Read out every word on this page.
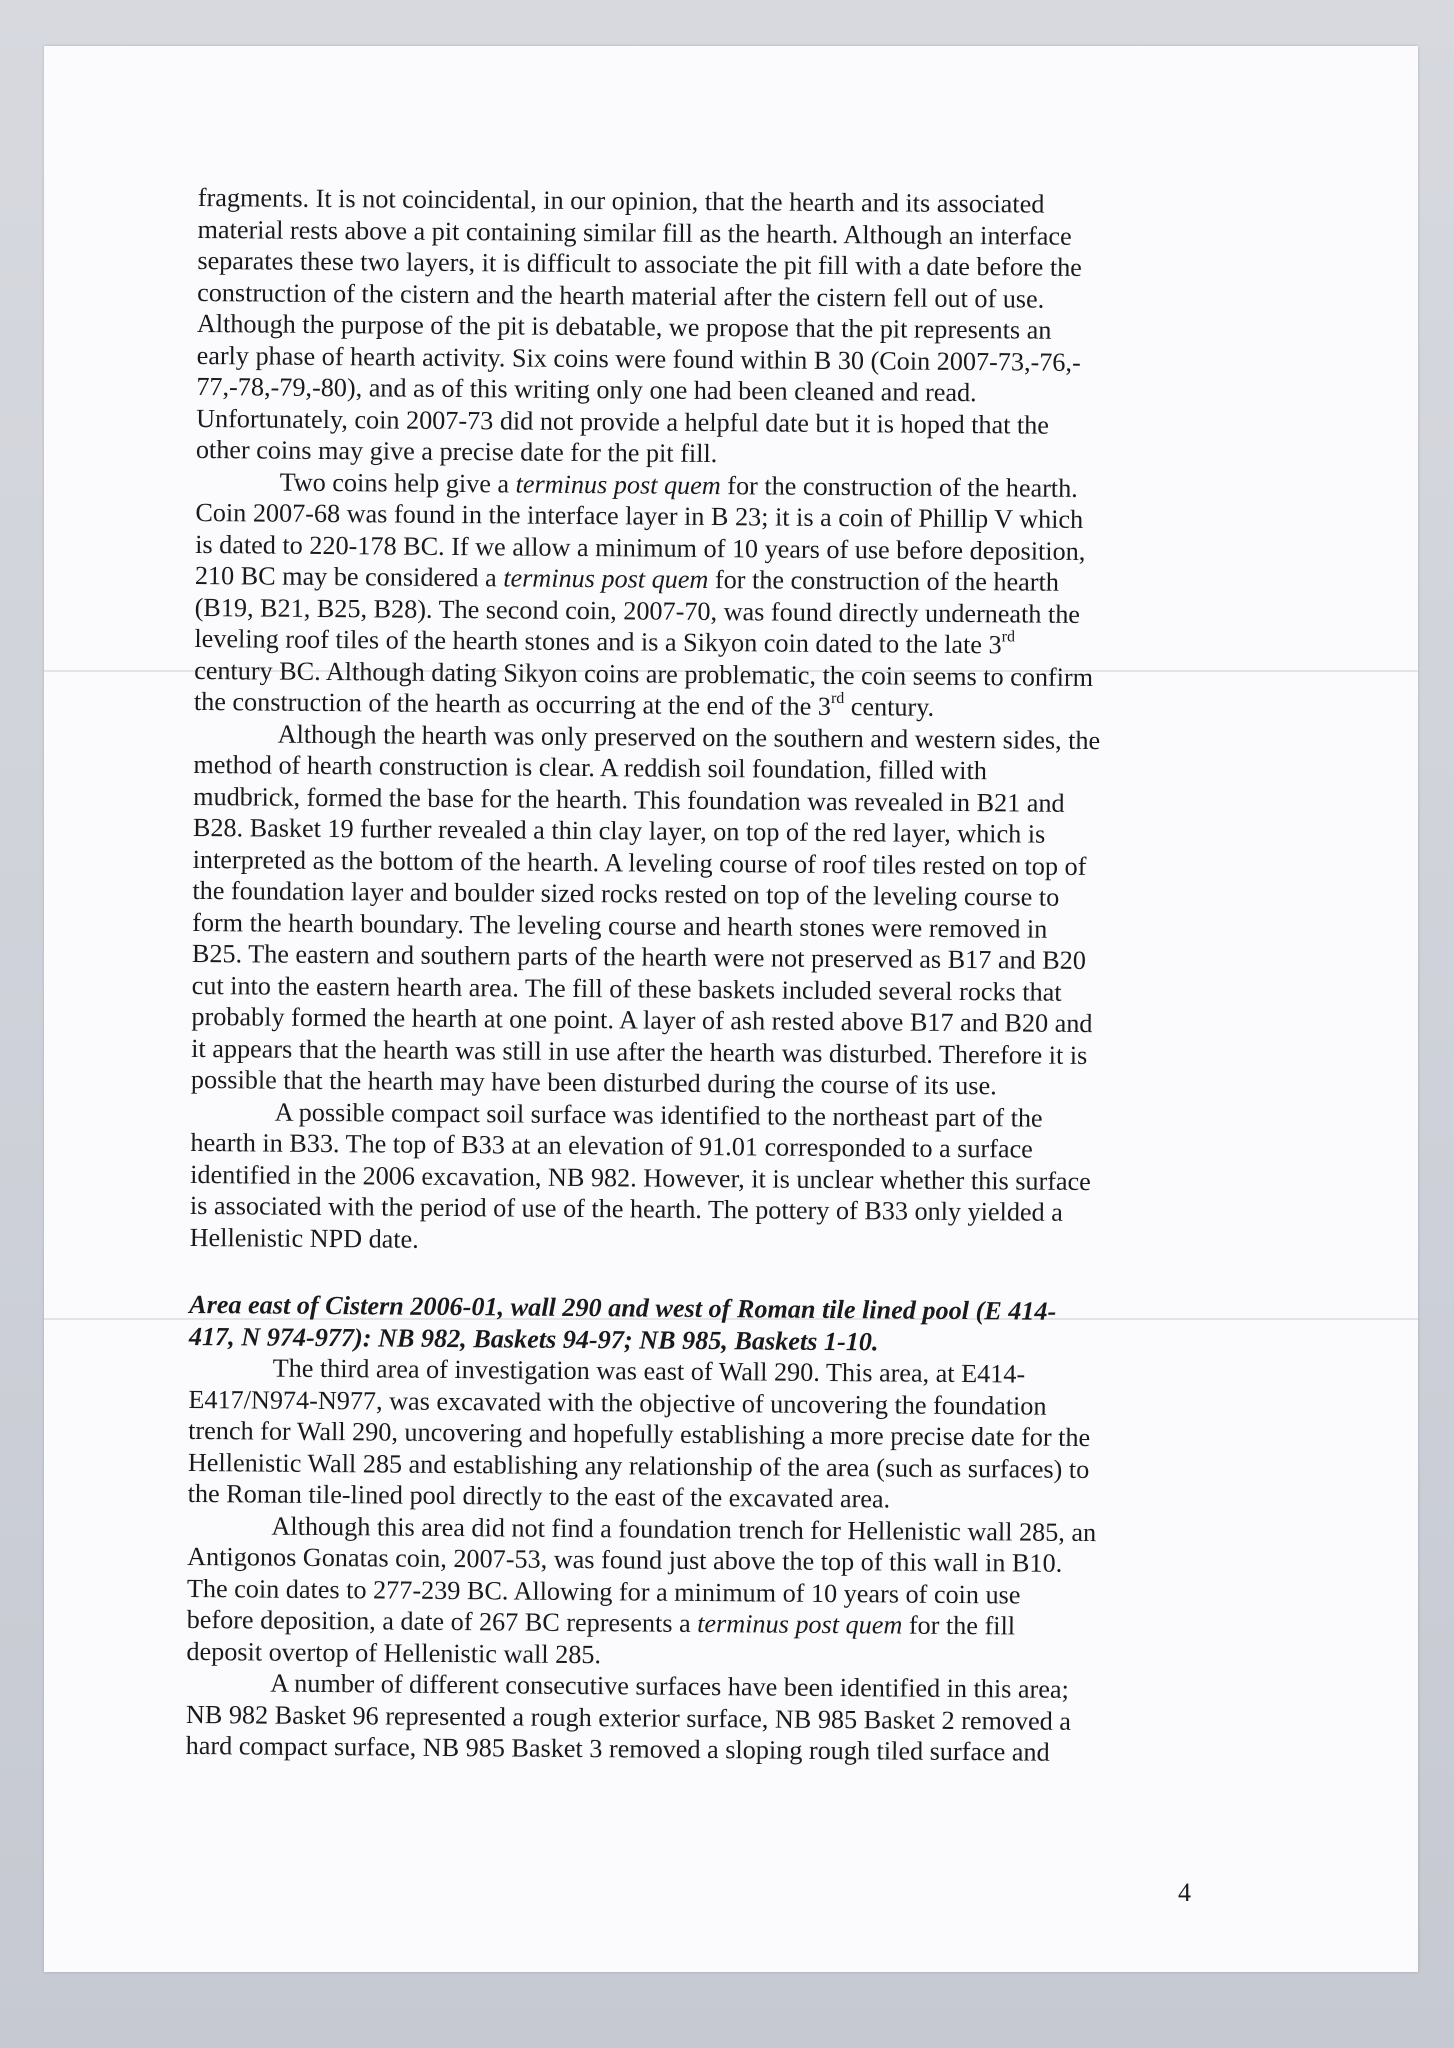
fragments. It is not coincidental, in our opinion, that the hearth and its associated
material rests above a pit containing similar fill as the hearth. Although an interface
separates these two layers, it is difficult to associate the pit fill with a date before the
construction of the cistern and the hearth material after the cistern fell out of use.
Although the purpose of the pit is debatable, we propose that the pit represents an
early phase of hearth activity. Six coins were found within B 30 (Coin 2007-73,-76,-
77,-78,-79,-80), and as of this writing only one had been cleaned and read.
Unfortunately, coin 2007-73 did not provide a helpful date but it is hoped that the
other coins may give a precise date for the pit fill.

Two coins help give a terminus post quem for the construction of the hearth.
Coin 2007-68 was found in the interface layer in B 23; it is a coin of Phillip V which
is dated to 220-178 BC. If we allow a minimum of 10 years of use before deposition,
210 BC may be considered a terminus post quem for the construction of the hearth
(B19, B21, B25, B28). The second coin, 2007-70, was found directly underneath the
leveling roof tiles of the hearth stones and is a Sikyon coin dated to the late 3rd
century BC. Although dating Sikyon coins are problematic, the coin seems to confirm
the construction of the hearth as occurring at the end of the 3rd century.

Although the hearth was only preserved on the southern and western sides, the
method of hearth construction is clear. A reddish soil foundation, filled with
mudbrick, formed the base for the hearth. This foundation was revealed in B21 and
B28. Basket 19 further revealed a thin clay layer, on top of the red layer, which is
interpreted as the bottom of the hearth. A leveling course of roof tiles rested on top of
the foundation layer and boulder sized rocks rested on top of the leveling course to
form the hearth boundary. The leveling course and hearth stones were removed in
B25. The eastern and southern parts of the hearth were not preserved as B17 and B20
cut into the eastern hearth area. The fill of these baskets included several rocks that
probably formed the hearth at one point. A layer of ash rested above B17 and B20 and
it appears that the hearth was still in use after the hearth was disturbed. Therefore it is
possible that the hearth may have been disturbed during the course of its use.

A possible compact soil surface was identified to the northeast part of the
hearth in B33. The top of B33 at an elevation of 91.01 corresponded to a surface
identified in the 2006 excavation, NB 982. However, it is unclear whether this surface
is associated with the period of use of the hearth. The pottery of B33 only yielded a
Hellenistic NPD date.

Area east of Cistern 2006-01, wall 290 and west of Roman tile lined pool (E 414-
417, N 974-977): NB 982, Baskets 94-97; NB 985, Baskets 1-10.

The third area of investigation was east of Wall 290. This area, at E414-
E417/N974-N977, was excavated with the objective of uncovering the foundation
trench for Wall 290, uncovering and hopefully establishing a more precise date for the
Hellenistic Wall 285 and establishing any relationship of the area (such as surfaces) to
the Roman tile-lined pool directly to the east of the excavated area.

Although this area did not find a foundation trench for Hellenistic wall 285, an
Antigonos Gonatas coin, 2007-53, was found just above the top of this wall in B10.
The coin dates to 277-239 BC. Allowing for a minimum of 10 years of coin use
before deposition, a date of 267 BC represents a terminus post quem for the fill
deposit overtop of Hellenistic wall 285.

A number of different consecutive surfaces have been identified in this area;
NB 982 Basket 96 represented a rough exterior surface, NB 985 Basket 2 removed a
hard compact surface, NB 985 Basket 3 removed a sloping rough tiled surface and

4
